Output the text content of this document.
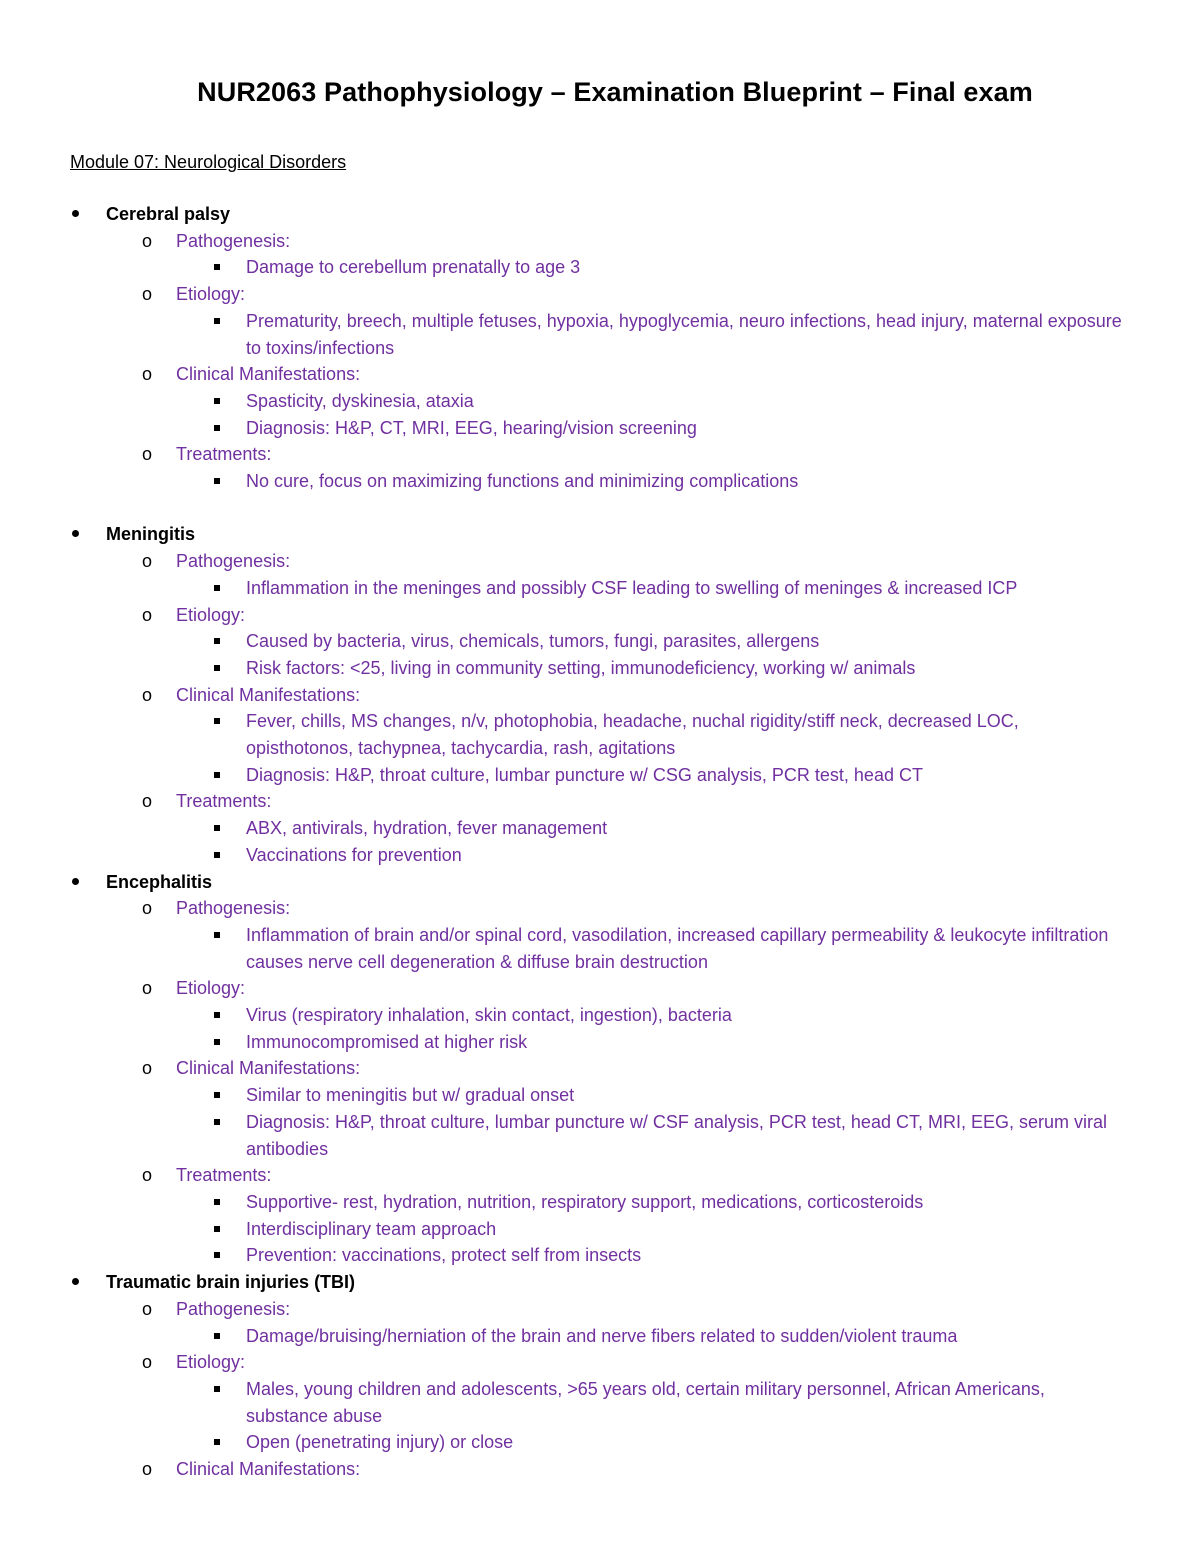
NUR2063 Pathophysiology – Examination Blueprint – Final exam
Module 07: Neurological Disorders
Cerebral palsy
o	Pathogenesis:
Damage to cerebellum prenatally to age 3
o	Etiology:
Prematurity, breech, multiple fetuses, hypoxia, hypoglycemia, neuro infections, head injury, maternal exposure to toxins/infections
o	Clinical Manifestations:
Spasticity, dyskinesia, ataxia
Diagnosis: H&P, CT, MRI, EEG, hearing/vision screening
o	Treatments:
No cure, focus on maximizing functions and minimizing complications
Meningitis
o	Pathogenesis:
Inflammation in the meninges and possibly CSF leading to swelling of meninges & increased ICP
o	Etiology:
Caused by bacteria, virus, chemicals, tumors, fungi, parasites, allergens
Risk factors: <25, living in community setting, immunodeficiency, working w/ animals
o	Clinical Manifestations:
Fever, chills, MS changes, n/v, photophobia, headache, nuchal rigidity/stiff neck, decreased LOC, opisthotonos, tachypnea, tachycardia, rash, agitations
Diagnosis: H&P, throat culture, lumbar puncture w/ CSG analysis, PCR test, head CT
o	Treatments:
ABX, antivirals, hydration, fever management
Vaccinations for prevention
Encephalitis
o	Pathogenesis:
Inflammation of brain and/or spinal cord, vasodilation, increased capillary permeability & leukocyte infiltration causes nerve cell degeneration & diffuse brain destruction
o	Etiology:
Virus (respiratory inhalation, skin contact, ingestion), bacteria
Immunocompromised at higher risk
o	Clinical Manifestations:
Similar to meningitis but w/ gradual onset
Diagnosis: H&P, throat culture, lumbar puncture w/ CSF analysis, PCR test, head CT, MRI, EEG, serum viral antibodies
o	Treatments:
Supportive- rest, hydration, nutrition, respiratory support, medications, corticosteroids
Interdisciplinary team approach
Prevention: vaccinations, protect self from insects
Traumatic brain injuries (TBI)
o	Pathogenesis:
Damage/bruising/herniation of the brain and nerve fibers related to sudden/violent trauma
o	Etiology:
Males, young children and adolescents, >65 years old, certain military personnel, African Americans, substance abuse
Open (penetrating injury) or close
o	Clinical Manifestations:
